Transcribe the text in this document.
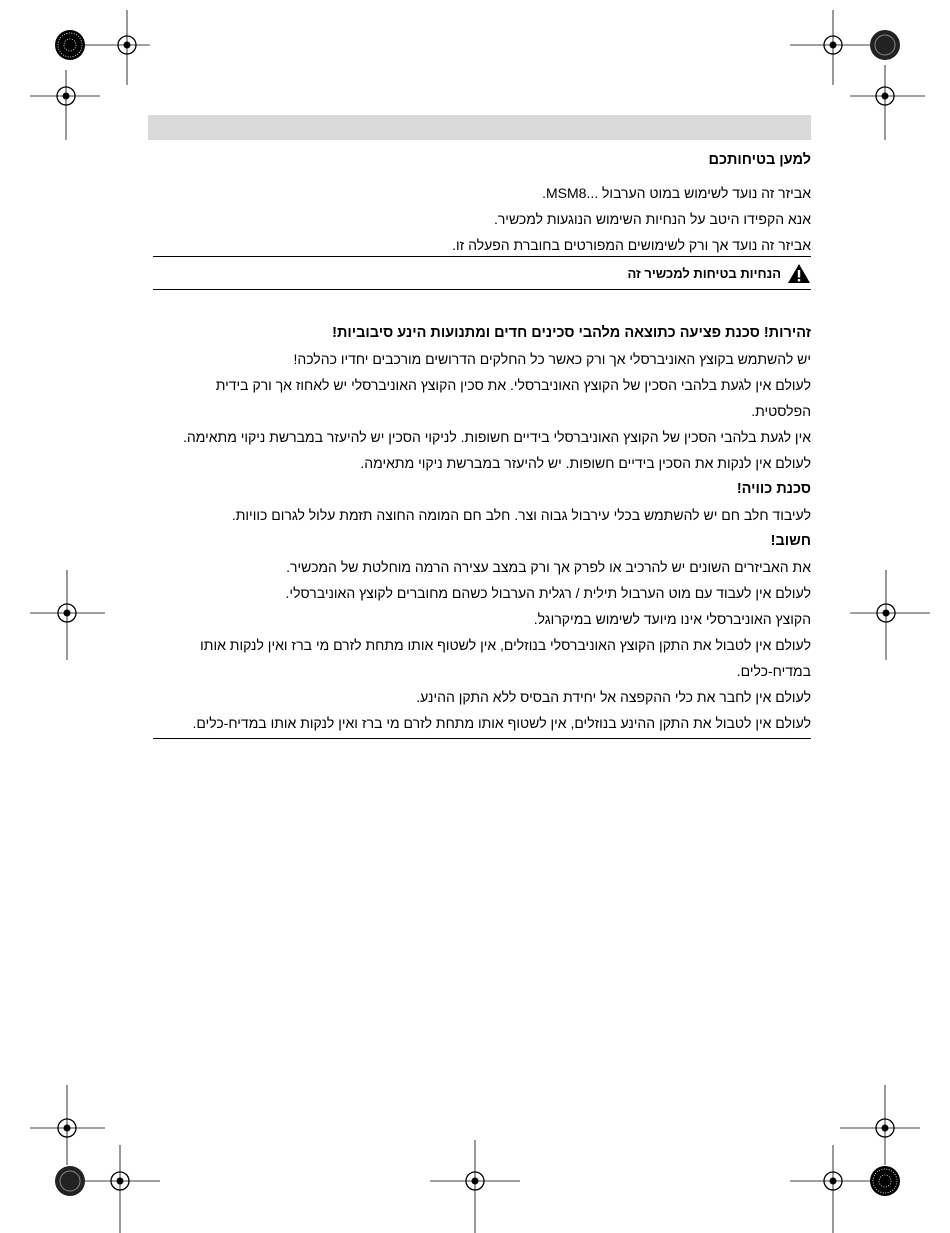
למען בטיחותכם

אביזר זה נועד לשימוש במוט הערבול ...MSM8.

אנא הקפידו היטב על הנחיות השימוש הנוגעות למכשיר.

אביזר זה נועד אך ורק לשימושים המפורטים בחוברת הפעלה זו.

הנחיות בטיחות למכשיר זה

זהירות! סכנת פציעה כתוצאה מלהבי סכינים חדים ומתנועות הינע סיבוביות!

יש להשתמש בקוצץ האוניברסלי אך ורק כאשר כל החלקים הדרושים מורכבים יחדיו כהלכה!

לעולם אין לגעת בלהבי הסכין של הקוצץ האוניברסלי. את סכין הקוצץ האוניברסלי יש לאחוז אך ורק בידית

הפלסטית.

אין לגעת בלהבי הסכין של הקוצץ האוניברסלי בידיים חשופות. לניקוי הסכין יש להיעזר במברשת ניקוי מתאימה.

לעולם אין לנקות את הסכין בידיים חשופות. יש להיעזר במברשת ניקוי מתאימה.

סכנת כוויה!

לעיבוד חלב חם יש להשתמש בכלי עירבול גבוה וצר. חלב חם המומה החוצה תזמת עלול לגרום כוויות.

חשוב!

את האביזרים השונים יש להרכיב או לפרק אך ורק במצב עצירה הרמה מוחלטת של המכשיר.

לעולם אין לעבוד עם מוט הערבול תילית / רגלית הערבול כשהם מחוברים לקוצץ האוניברסלי.

הקוצץ האוניברסלי אינו מיועד לשימוש במיקרוגל.

לעולם אין לטבול את התקן הקוצץ האוניברסלי בנוזלים, אין לשטוף אותו מתחת לזרם מי ברז ואין לנקות אותו

במדיח-כלים.

לעולם אין לחבר את כלי ההקפצה אל יחידת הבסיס ללא התקן ההינע.

לעולם אין לטבול את התקן ההינע בנוזלים, אין לשטוף אותו מתחת לזרם מי ברז ואין לנקות אותו במדיח-כלים.
